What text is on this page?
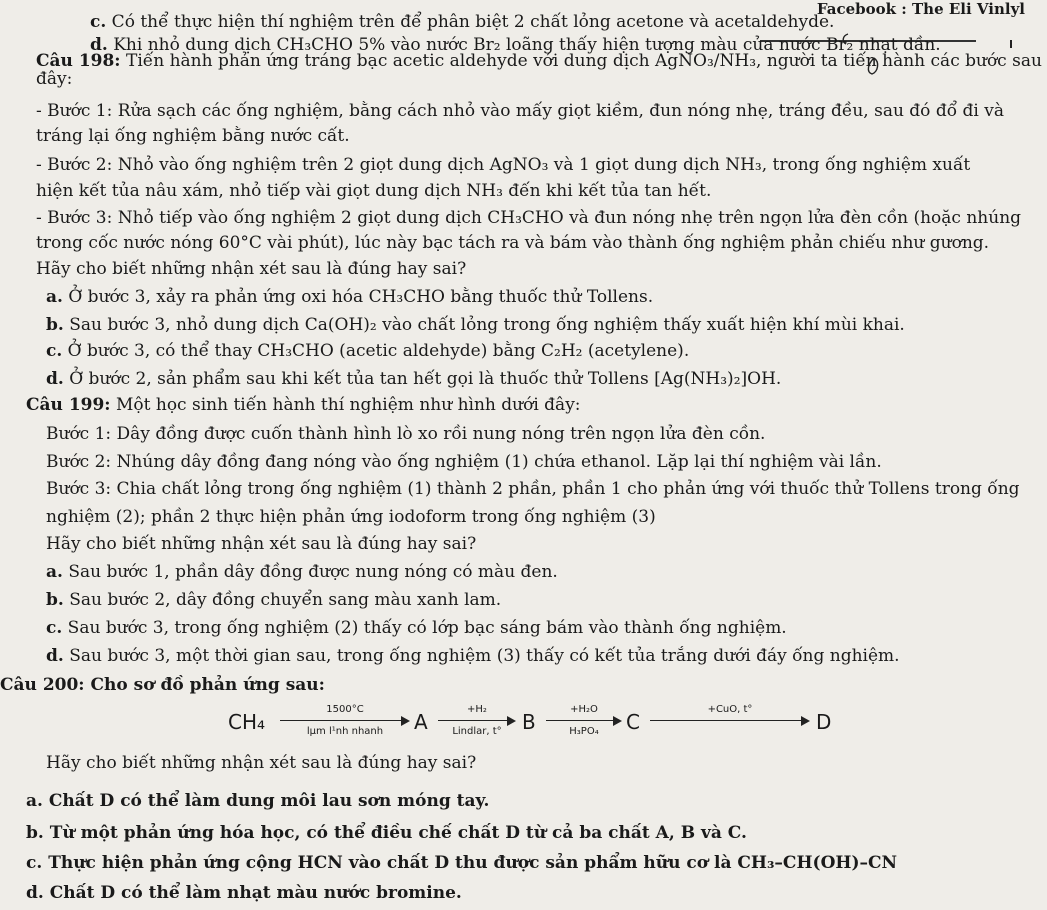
Facebook : The Eli Vinlyl
c. Có thể thực hiện thí nghiệm trên để phân biệt 2 chất lỏng acetone và acetaldehyde.
d. Khi nhỏ dung dịch CH₃CHO 5% vào nước Br₂ loãng thấy hiện tượng màu của nước Br₂ nhạt dần.
Câu 198: Tiến hành phản ứng tráng bạc acetic aldehyde với dung dịch AgNO₃/NH₃, người ta tiến hành các bước sau
đây:
- Bước 1: Rửa sạch các ống nghiệm, bằng cách nhỏ vào mấy giọt kiềm, đun nóng nhẹ, tráng đều, sau đó đổ đi và
tráng lại ống nghiệm bằng nước cất.
- Bước 2: Nhỏ vào ống nghiệm trên 2 giọt dung dịch AgNO₃ và 1 giọt dung dịch NH₃, trong ống nghiệm xuất
hiện kết tủa nâu xám, nhỏ tiếp vài giọt dung dịch NH₃ đến khi kết tủa tan hết.
- Bước 3: Nhỏ tiếp vào ống nghiệm 2 giọt dung dịch CH₃CHO và đun nóng nhẹ trên ngọn lửa đèn cồn (hoặc nhúng
trong cốc nước nóng 60°C vài phút), lúc này bạc tách ra và bám vào thành ống nghiệm phản chiếu như gương.
Hãy cho biết những nhận xét sau là đúng hay sai?
a. Ở bước 3, xảy ra phản ứng oxi hóa CH₃CHO bằng thuốc thử Tollens.
b. Sau bước 3, nhỏ dung dịch Ca(OH)₂ vào chất lỏng trong ống nghiệm thấy xuất hiện khí mùi khai.
c. Ở bước 3, có thể thay CH₃CHO (acetic aldehyde) bằng C₂H₂ (acetylene).
d. Ở bước 2, sản phẩm sau khi kết tủa tan hết gọi là thuốc thử Tollens [Ag(NH₃)₂]OH.
Câu 199: Một học sinh tiến hành thí nghiệm như hình dưới đây:
Bước 1: Dây đồng được cuốn thành hình lò xo rồi nung nóng trên ngọn lửa đèn cồn.
Bước 2: Nhúng dây đồng đang nóng vào ống nghiệm (1) chứa ethanol. Lặp lại thí nghiệm vài lần.
Bước 3: Chia chất lỏng trong ống nghiệm (1) thành 2 phần, phần 1 cho phản ứng với thuốc thử Tollens trong ống
nghiệm (2); phần 2 thực hiện phản ứng iodoform trong ống nghiệm (3)
Hãy cho biết những nhận xét sau là đúng hay sai?
a. Sau bước 1, phần dây đồng được nung nóng có màu đen.
b. Sau bước 2, dây đồng chuyển sang màu xanh lam.
c. Sau bước 3, trong ống nghiệm (2) thấy có lớp bạc sáng bám vào thành ống nghiệm.
d. Sau bước 3, một thời gian sau, trong ống nghiệm (3) thấy có kết tủa trắng dưới đáy ống nghiệm.
Câu 200: Cho sơ đồ phản ứng sau:
CH₄
1500°C
lμm l¹nh nhanh	A
+H₂
Lindlar, t°	B
+H₂O
H₃PO₄	C
+CuO, t°
D
Hãy cho biết những nhận xét sau là đúng hay sai?
a. Chất D có thể làm dung môi lau sơn móng tay.
b. Từ một phản ứng hóa học, có thể điều chế chất D từ cả ba chất A, B và C.
c. Thực hiện phản ứng cộng HCN vào chất D thu được sản phẩm hữu cơ là CH₃–CH(OH)–CN
d. Chất D có thể làm nhạt màu nước bromine.
